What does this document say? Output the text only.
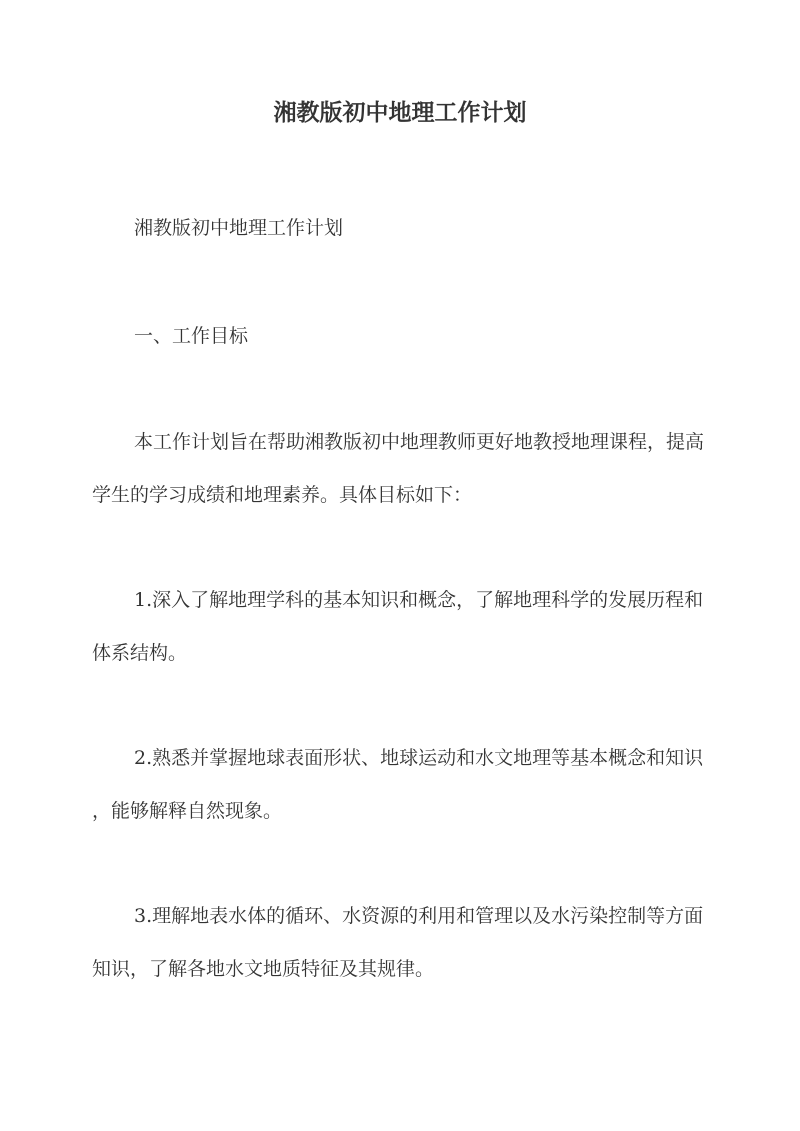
湘教版初中地理工作计划

湘教版初中地理工作计划

一、工作目标

本工作计划旨在帮助湘教版初中地理教师更好地教授地理课程，提高
学生的学习成绩和地理素养。具体目标如下：

1.深入了解地理学科的基本知识和概念，了解地理科学的发展历程和
体系结构。

2.熟悉并掌握地球表面形状、地球运动和水文地理等基本概念和知识
，能够解释自然现象。

3.理解地表水体的循环、水资源的利用和管理以及水污染控制等方面
知识，了解各地水文地质特征及其规律。
